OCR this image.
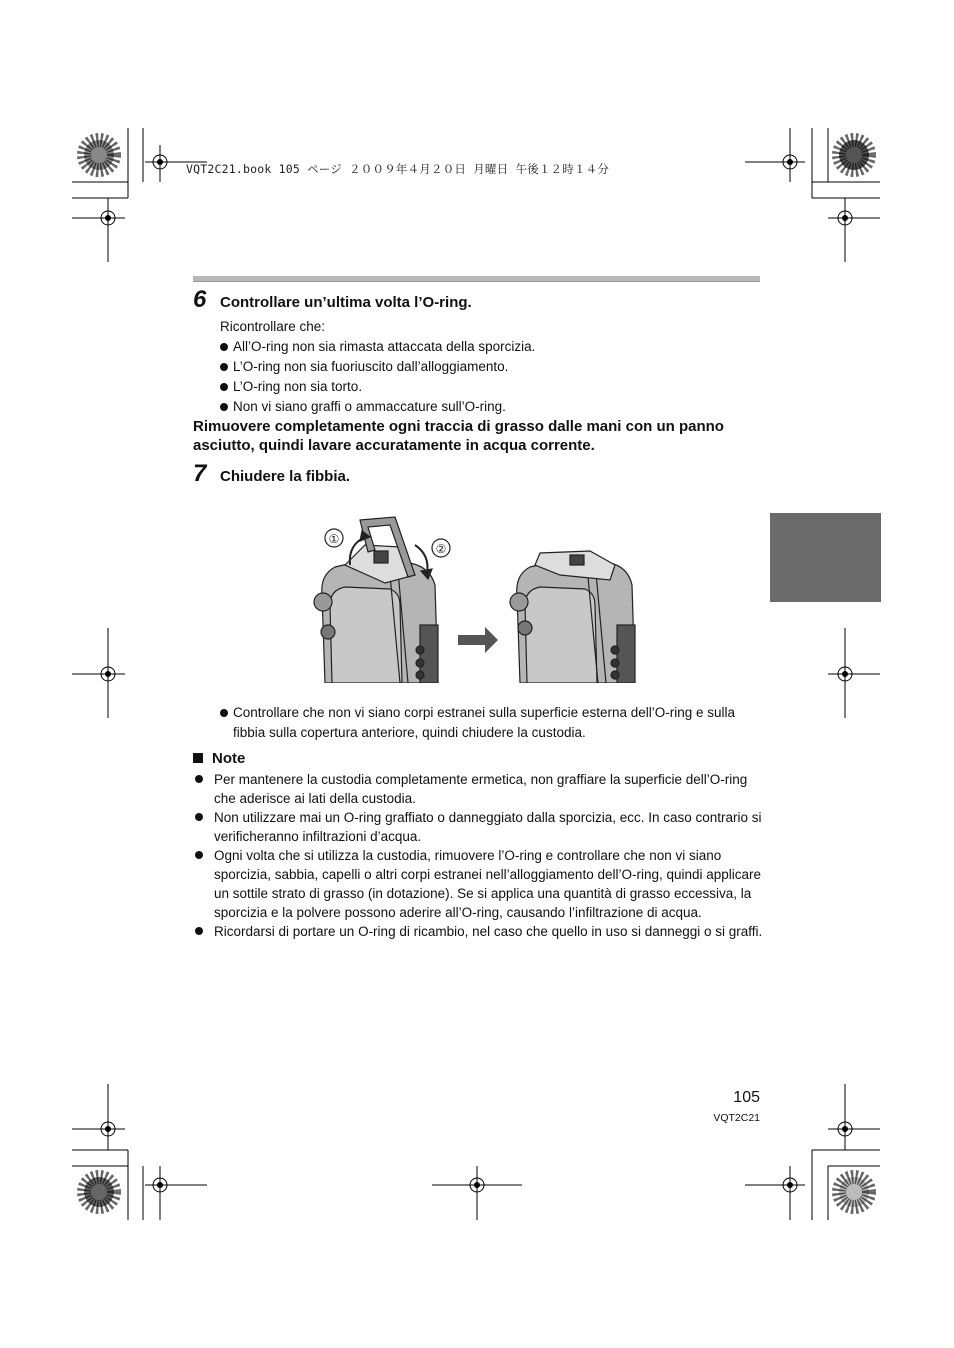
VQT2C21.book 105 ページ ２００９年４月２０日 月曜日 午後１２時１４分
6 Controllare un’ultima volta l’O-ring.
Ricontrollare che:
All’O-ring non sia rimasta attaccata della sporcizia.
L’O-ring non sia fuoriuscito dall’alloggiamento.
L’O-ring non sia torto.
Non vi siano graffi o ammaccature sull’O-ring.
Rimuovere completamente ogni traccia di grasso dalle mani con un panno asciutto, quindi lavare accuratamente in acqua corrente.
7 Chiudere la fibbia.
①
②
Controllare che non vi siano corpi estranei sulla superficie esterna dell’O-ring e sulla fibbia sulla copertura anteriore, quindi chiudere la custodia.
Note
Per mantenere la custodia completamente ermetica, non graffiare la superficie dell’O-ring che aderisce ai lati della custodia.
Non utilizzare mai un O-ring graffiato o danneggiato dalla sporcizia, ecc. In caso contrario si verificheranno infiltrazioni d’acqua.
Ogni volta che si utilizza la custodia, rimuovere l’O-ring e controllare che non vi siano sporcizia, sabbia, capelli o altri corpi estranei nell’alloggiamento dell’O-ring, quindi applicare un sottile strato di grasso (in dotazione). Se si applica una quantità di grasso eccessiva, la sporcizia e la polvere possono aderire all’O-ring, causando l’infiltrazione di acqua.
Ricordarsi di portare un O-ring di ricambio, nel caso che quello in uso si danneggi o si graffi.
105
VQT2C21
